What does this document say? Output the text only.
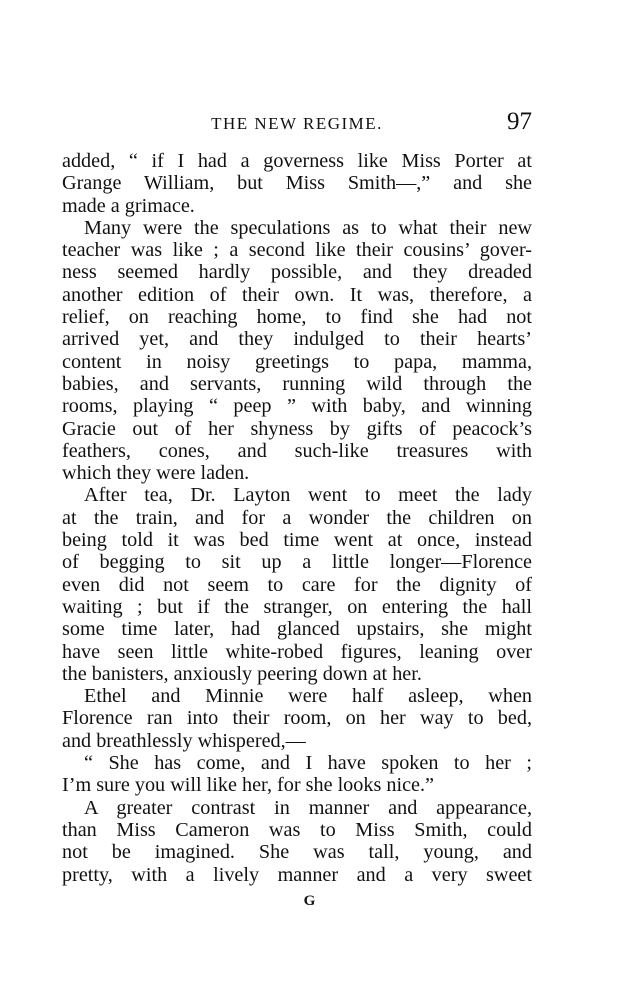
THE NEW REGIME.	97
added, “ if I had a governess like Miss Porter at
Grange William, but Miss Smith—,” and she
made a grimace.
Many were the speculations as to what their new
teacher was like ; a second like their cousins’ gover-
ness seemed hardly possible, and they dreaded
another edition of their own. It was, therefore, a
relief, on reaching home, to find she had not
arrived yet, and they indulged to their hearts’
content in noisy greetings to papa, mamma,
babies, and servants, running wild through the
rooms, playing “ peep ” with baby, and winning
Gracie out of her shyness by gifts of peacock’s
feathers, cones, and such-like treasures with
which they were laden.
After tea, Dr. Layton went to meet the lady
at the train, and for a wonder the children on
being told it was bed time went at once, instead
of begging to sit up a little longer—Florence
even did not seem to care for the dignity of
waiting ; but if the stranger, on entering the hall
some time later, had glanced upstairs, she might
have seen little white-robed figures, leaning over
the banisters, anxiously peering down at her.
Ethel and Minnie were half asleep, when
Florence ran into their room, on her way to bed,
and breathlessly whispered,—
“ She has come, and I have spoken to her ;
I’m sure you will like her, for she looks nice.”
A greater contrast in manner and appearance,
than Miss Cameron was to Miss Smith, could
not be imagined. She was tall, young, and
pretty, with a lively manner and a very sweet
G
